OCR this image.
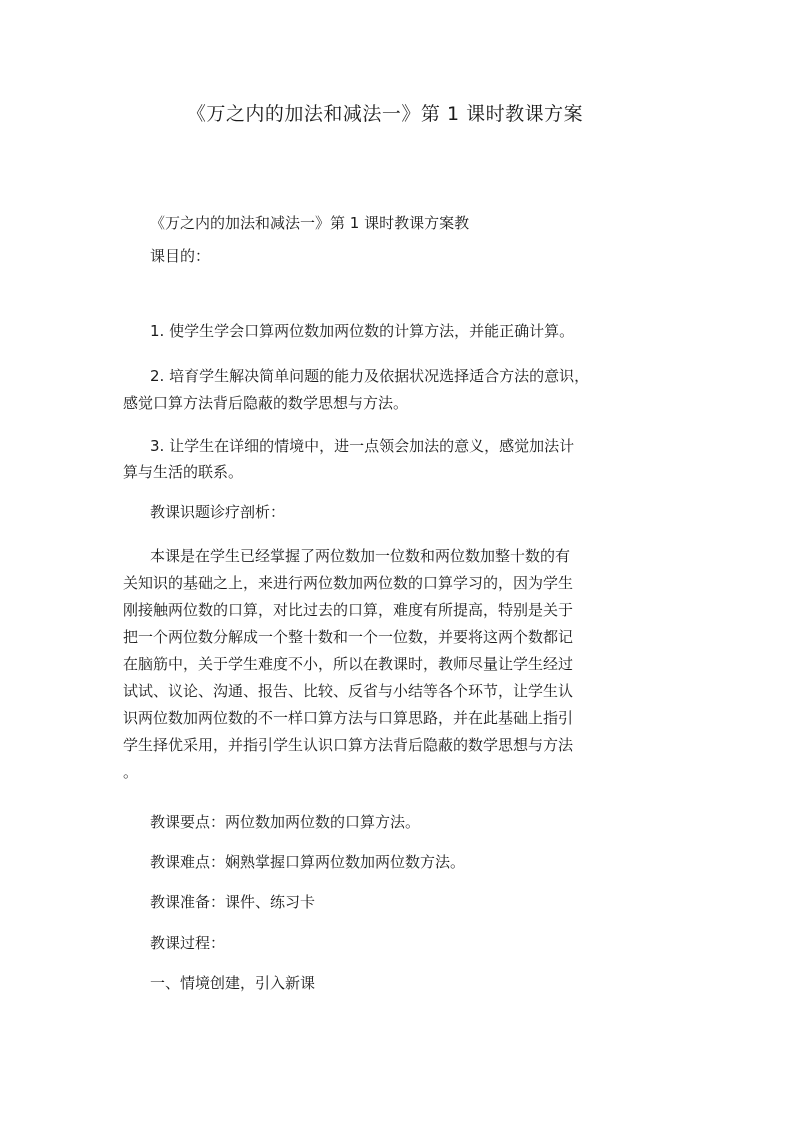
《万之内的加法和减法一》第 1 课时教课方案
《万之内的加法和减法一》第 1 课时教课方案教
课目的：
1. 使学生学会口算两位数加两位数的计算方法，并能正确计算。
2. 培育学生解决简单问题的能力及依据状况选择适合方法的意识，
感觉口算方法背后隐蔽的数学思想与方法。
3. 让学生在详细的情境中，进一点领会加法的意义，感觉加法计
算与生活的联系。
教课识题诊疗剖析：
本课是在学生已经掌握了两位数加一位数和两位数加整十数的有
关知识的基础之上，来进行两位数加两位数的口算学习的，因为学生
刚接触两位数的口算，对比过去的口算，难度有所提高，特别是关于
把一个两位数分解成一个整十数和一个一位数，并要将这两个数都记
在脑筋中，关于学生难度不小，所以在教课时，教师尽量让学生经过
试试、议论、沟通、报告、比较、反省与小结等各个环节，让学生认
识两位数加两位数的不一样口算方法与口算思路，并在此基础上指引
学生择优采用，并指引学生认识口算方法背后隐蔽的数学思想与方法
。
教课要点：两位数加两位数的口算方法。
教课难点：娴熟掌握口算两位数加两位数方法。
教课准备：课件、练习卡
教课过程：
一、情境创建，引入新课
